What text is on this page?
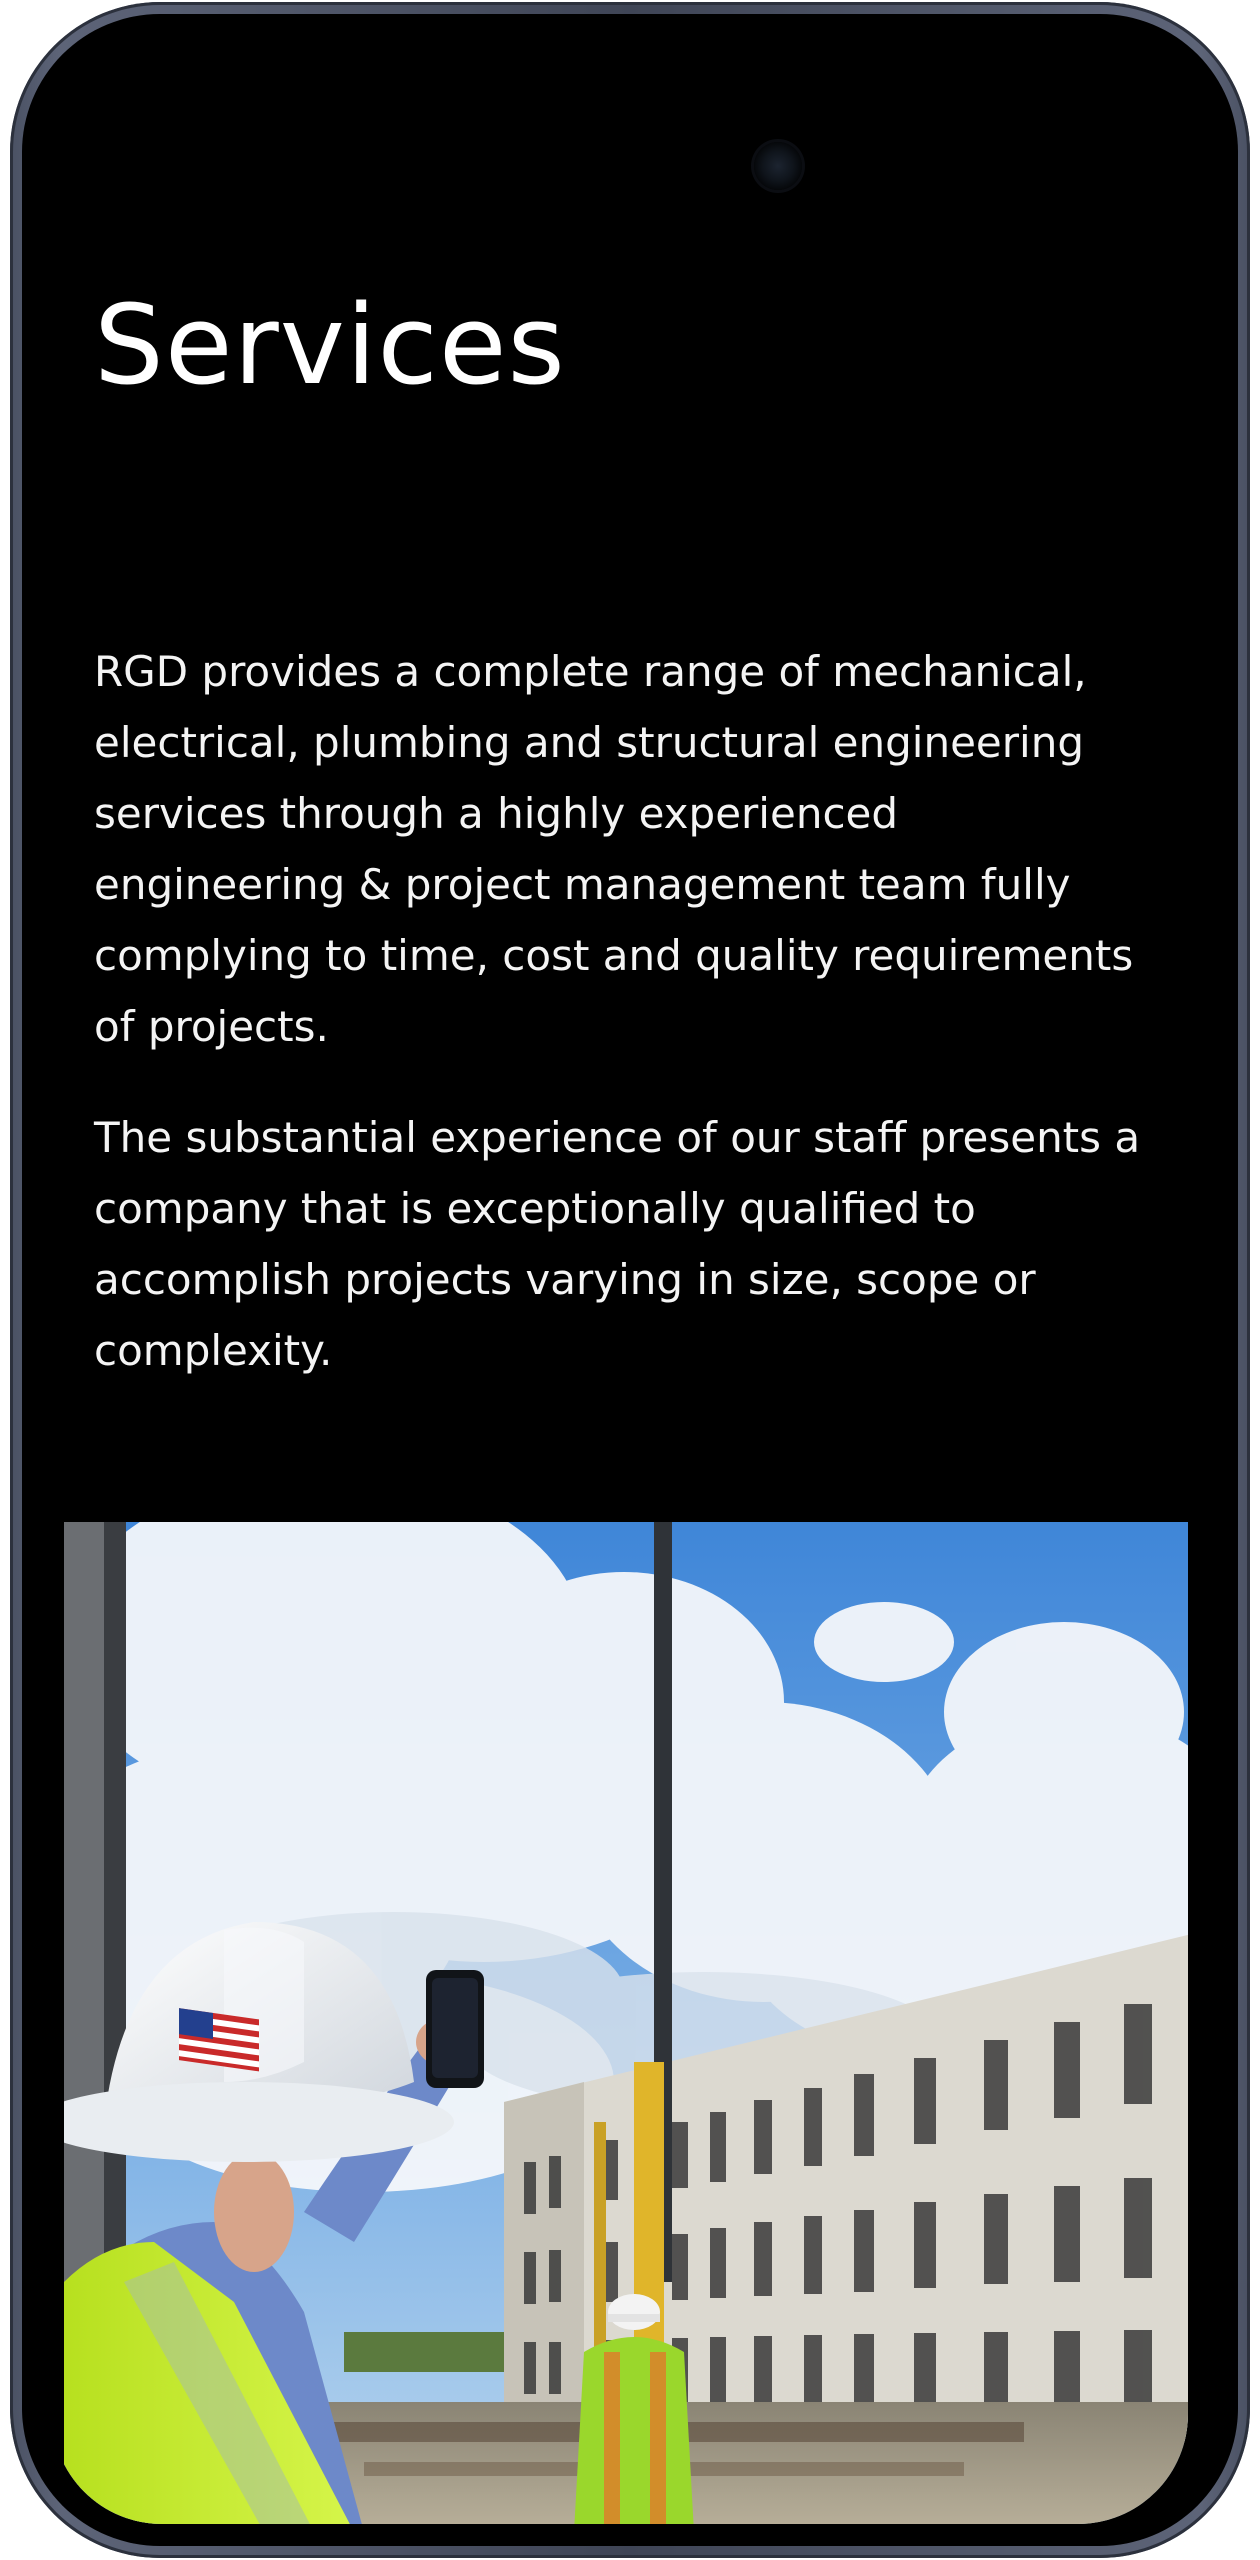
Services

RGD provides a complete range of mechanical, electrical, plumbing and structural engineering services through a highly experienced engineering & project management team fully complying to time, cost and quality requirements of projects.

The substantial experience of our staff presents a company that is exceptionally qualified to accomplish projects varying in size, scope or complexity.
